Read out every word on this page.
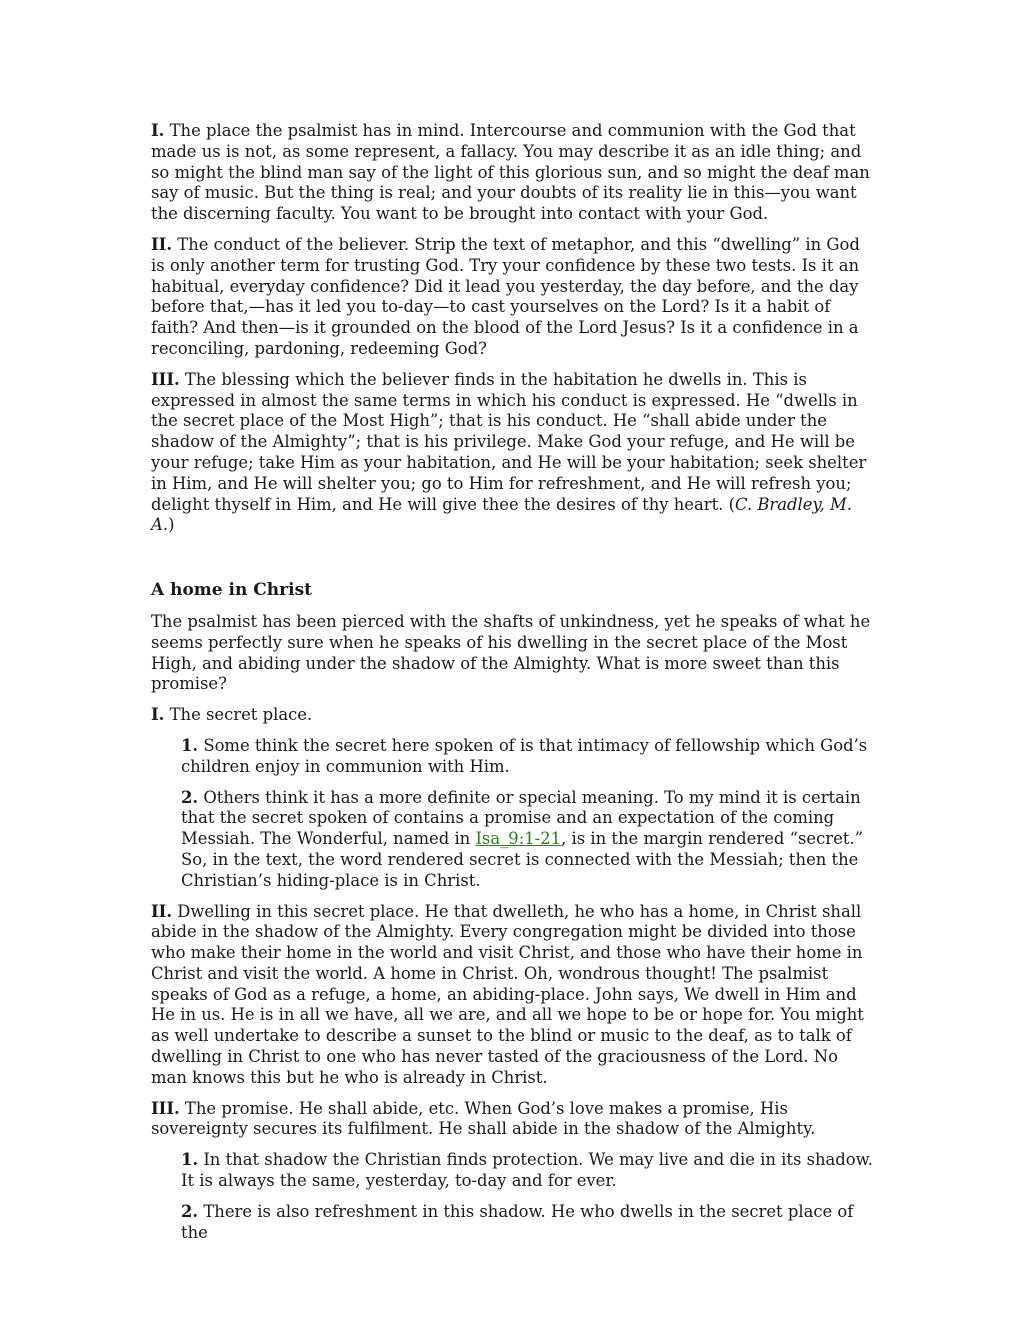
I. The place the psalmist has in mind. Intercourse and communion with the God that made us is not, as some represent, a fallacy. You may describe it as an idle thing; and so might the blind man say of the light of this glorious sun, and so might the deaf man say of music. But the thing is real; and your doubts of its reality lie in this—you want the discerning faculty. You want to be brought into contact with your God.

II. The conduct of the believer. Strip the text of metaphor, and this “dwelling” in God is only another term for trusting God. Try your confidence by these two tests. Is it an habitual, everyday confidence? Did it lead you yesterday, the day before, and the day before that,—has it led you to-day—to cast yourselves on the Lord? Is it a habit of faith? And then—is it grounded on the blood of the Lord Jesus? Is it a confidence in a reconciling, pardoning, redeeming God?

III. The blessing which the believer finds in the habitation he dwells in. This is expressed in almost the same terms in which his conduct is expressed. He “dwells in the secret place of the Most High”; that is his conduct. He “shall abide under the shadow of the Almighty”; that is his privilege. Make God your refuge, and He will be your refuge; take Him as your habitation, and He will be your habitation; seek shelter in Him, and He will shelter you; go to Him for refreshment, and He will refresh you; delight thyself in Him, and He will give thee the desires of thy heart. (C. Bradley, M. A.)

A home in Christ

The psalmist has been pierced with the shafts of unkindness, yet he speaks of what he seems perfectly sure when he speaks of his dwelling in the secret place of the Most High, and abiding under the shadow of the Almighty. What is more sweet than this promise?

I. The secret place.

1. Some think the secret here spoken of is that intimacy of fellowship which God’s children enjoy in communion with Him.

2. Others think it has a more definite or special meaning. To my mind it is certain that the secret spoken of contains a promise and an expectation of the coming Messiah. The Wonderful, named in Isa_9:1-21, is in the margin rendered “secret.” So, in the text, the word rendered secret is connected with the Messiah; then the Christian’s hiding-place is in Christ.

II. Dwelling in this secret place. He that dwelleth, he who has a home, in Christ shall abide in the shadow of the Almighty. Every congregation might be divided into those who make their home in the world and visit Christ, and those who have their home in Christ and visit the world. A home in Christ. Oh, wondrous thought! The psalmist speaks of God as a refuge, a home, an abiding-place. John says, We dwell in Him and He in us. He is in all we have, all we are, and all we hope to be or hope for. You might as well undertake to describe a sunset to the blind or music to the deaf, as to talk of dwelling in Christ to one who has never tasted of the graciousness of the Lord. No man knows this but he who is already in Christ.

III. The promise. He shall abide, etc. When God’s love makes a promise, His sovereignty secures its fulfilment. He shall abide in the shadow of the Almighty.

1. In that shadow the Christian finds protection. We may live and die in its shadow. It is always the same, yesterday, to-day and for ever.

2. There is also refreshment in this shadow. He who dwells in the secret place of the
